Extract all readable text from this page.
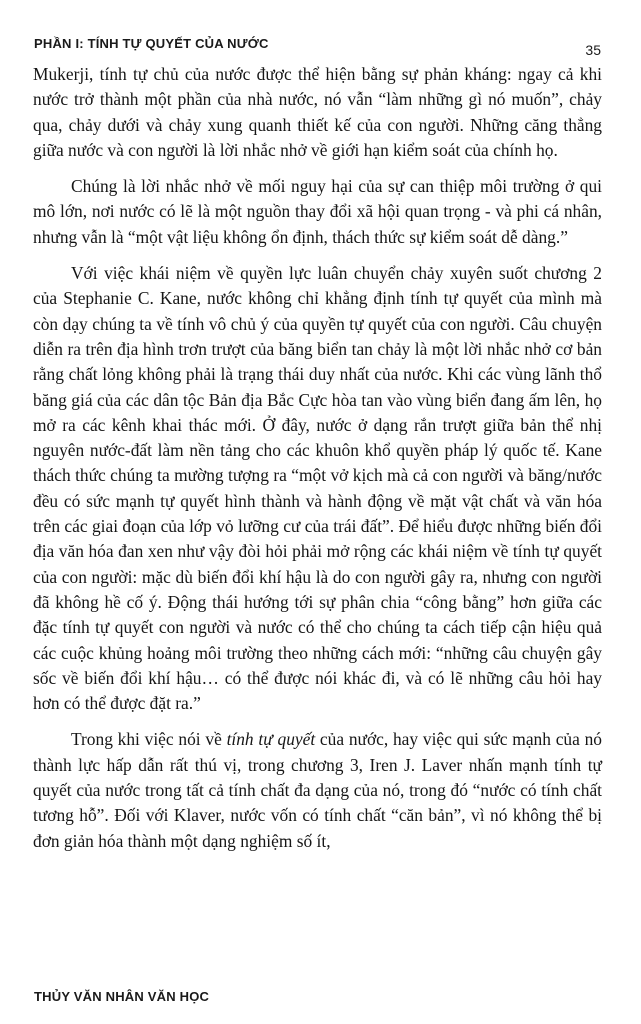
PHẦN I: TÍNH TỰ QUYẾT CỦA NƯỚC	35

Mukerji, tính tự chủ của nước được thể hiện bằng sự phản kháng: ngay cả khi nước trở thành một phần của nhà nước, nó vẫn “làm những gì nó muốn”, chảy qua, chảy dưới và chảy xung quanh thiết kế của con người. Những căng thẳng giữa nước và con người là lời nhắc nhở về giới hạn kiểm soát của chính họ.

Chúng là lời nhắc nhở về mối nguy hại của sự can thiệp môi trường ở qui mô lớn, nơi nước có lẽ là một nguồn thay đổi xã hội quan trọng - và phi cá nhân, nhưng vẫn là “một vật liệu không ổn định, thách thức sự kiểm soát dễ dàng.”

Với việc khái niệm về quyền lực luân chuyển chảy xuyên suốt chương 2 của Stephanie C. Kane, nước không chỉ khẳng định tính tự quyết của mình mà còn dạy chúng ta về tính vô chủ ý của quyền tự quyết của con người. Câu chuyện diễn ra trên địa hình trơn trượt của băng biển tan chảy là một lời nhắc nhở cơ bản rằng chất lỏng không phải là trạng thái duy nhất của nước. Khi các vùng lãnh thổ băng giá của các dân tộc Bản địa Bắc Cực hòa tan vào vùng biển đang ấm lên, họ mở ra các kênh khai thác mới. Ở đây, nước ở dạng rắn trượt giữa bản thể nhị nguyên nước-đất làm nền tảng cho các khuôn khổ quyền pháp lý quốc tế. Kane thách thức chúng ta mường tượng ra “một vở kịch mà cả con người và băng/nước đều có sức mạnh tự quyết hình thành và hành động về mặt vật chất và văn hóa trên các giai đoạn của lớp vỏ lưỡng cư của trái đất”. Để hiểu được những biến đổi địa văn hóa đan xen như vậy đòi hỏi phải mở rộng các khái niệm về tính tự quyết của con người: mặc dù biến đổi khí hậu là do con người gây ra, nhưng con người đã không hề cố ý. Động thái hướng tới sự phân chia “công bằng” hơn giữa các đặc tính tự quyết con người và nước có thể cho chúng ta cách tiếp cận hiệu quả các cuộc khủng hoảng môi trường theo những cách mới: “những câu chuyện gây sốc về biến đổi khí hậu… có thể được nói khác đi, và có lẽ những câu hỏi hay hơn có thể được đặt ra.”

Trong khi việc nói về tính tự quyết của nước, hay việc qui sức mạnh của nó thành lực hấp dẫn rất thú vị, trong chương 3, Iren J. Laver nhấn mạnh tính tự quyết của nước trong tất cả tính chất đa dạng của nó, trong đó “nước có tính chất tương hỗ”. Đối với Klaver, nước vốn có tính chất “căn bản”, vì nó không thể bị đơn giản hóa thành một dạng nghiệm số ít,

THỦY VĂN NHÂN VĂN HỌC
